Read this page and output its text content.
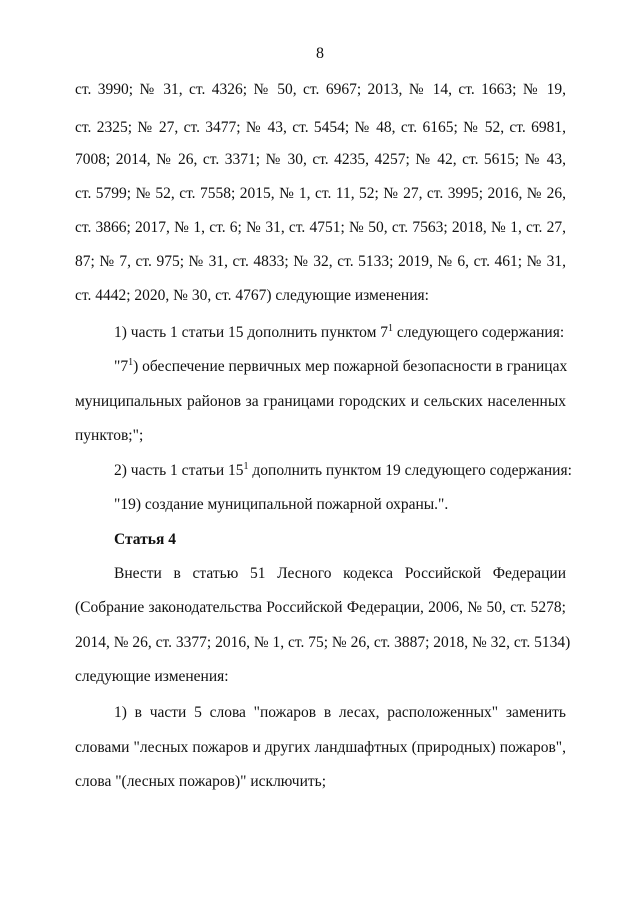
8
ст. 3990; № 31, ст. 4326; № 50, ст. 6967; 2013, № 14, ст. 1663; № 19,
ст. 2325; № 27, ст. 3477; № 43, ст. 5454; № 48, ст. 6165; № 52, ст. 6981,
7008; 2014, № 26, ст. 3371; № 30, ст. 4235, 4257; № 42, ст. 5615; № 43,
ст. 5799; № 52, ст. 7558; 2015, № 1, ст. 11, 52; № 27, ст. 3995; 2016, № 26,
ст. 3866; 2017, № 1, ст. 6; № 31, ст. 4751; № 50, ст. 7563; 2018, № 1, ст. 27,
87; № 7, ст. 975; № 31, ст. 4833; № 32, ст. 5133; 2019, № 6, ст. 461; № 31,
ст. 4442; 2020, № 30, ст. 4767) следующие изменения:
1) часть 1 статьи 15 дополнить пунктом $7^1$ следующего содержания:
"$7^1$) обеспечение первичных мер пожарной безопасности в границах
муниципальных районов за границами городских и сельских населенных
пунктов;";
2) часть 1 статьи $15^1$ дополнить пунктом 19 следующего содержания:
"19) создание муниципальной пожарной охраны.".
Статья 4
Внести в статью 51 Лесного кодекса Российской Федерации
(Собрание законодательства Российской Федерации, 2006, № 50, ст. 5278;
2014, № 26, ст. 3377; 2016, № 1, ст. 75; № 26, ст. 3887; 2018, № 32, ст. 5134)
следующие изменения:
1) в части 5 слова "пожаров в лесах, расположенных" заменить
словами "лесных пожаров и других ландшафтных (природных) пожаров",
слова "(лесных пожаров)" исключить;
